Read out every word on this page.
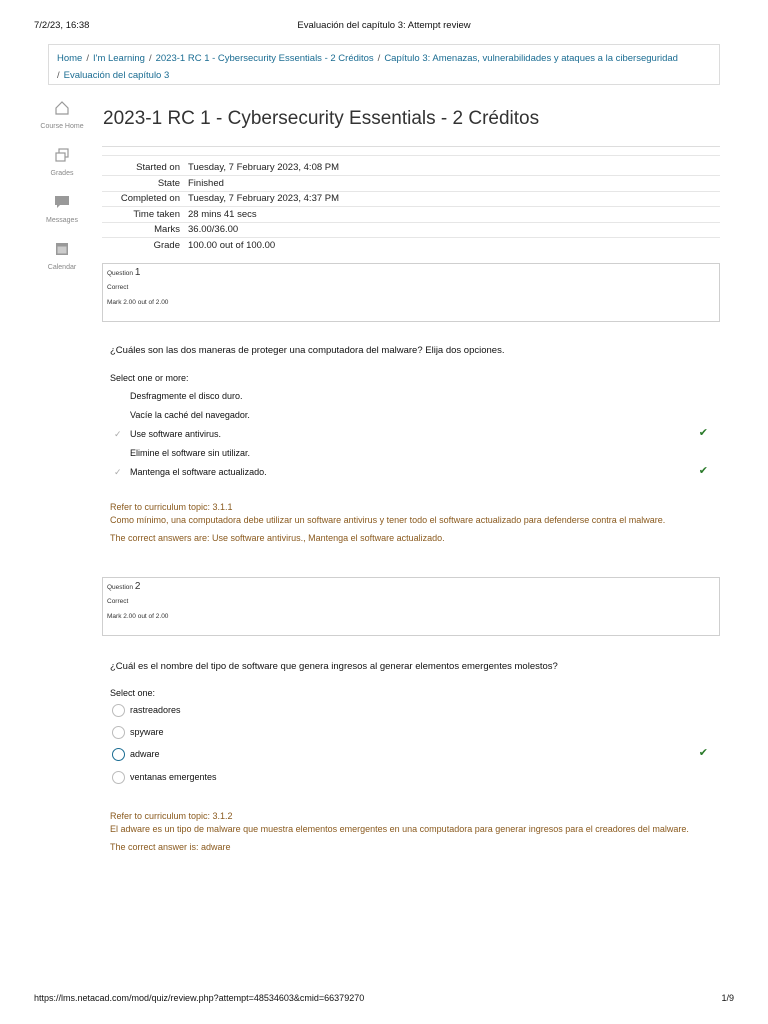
7/2/23, 16:38	Evaluación del capítulo 3: Attempt review
Home / I'm Learning / 2023-1 RC 1 - Cybersecurity Essentials - 2 Créditos / Capítulo 3: Amenazas, vulnerabilidades y ataques a la ciberseguridad
/ Evaluación del capítulo 3
Course Home
Grades
Messages
Calendar
2023-1 RC 1 - Cybersecurity Essentials - 2 Créditos
Started on	Tuesday, 7 February 2023, 4:08 PM
State	Finished
Completed on	Tuesday, 7 February 2023, 4:37 PM
Time taken	28 mins 41 secs
Marks	36.00/36.00
Grade	100.00 out of 100.00
Question 1
Correct
Mark 2.00 out of 2.00
¿Cuáles son las dos maneras de proteger una computadora del malware? Elija dos opciones.
Select one or more:
Desfragmente el disco duro.
Vacíe la caché del navegador.
✓ Use software antivirus.	✔
Elimine el software sin utilizar.
✓ Mantenga el software actualizado.	✔
Refer to curriculum topic: 3.1.1
Como mínimo, una computadora debe utilizar un software antivirus y tener todo el software actualizado para defenderse contra el malware.
The correct answers are: Use software antivirus., Mantenga el software actualizado.
Question 2
Correct
Mark 2.00 out of 2.00
¿Cuál es el nombre del tipo de software que genera ingresos al generar elementos emergentes molestos?
Select one:
rastreadores
spyware
adware	✔
ventanas emergentes
Refer to curriculum topic: 3.1.2
El adware es un tipo de malware que muestra elementos emergentes en una computadora para generar ingresos para el creadores del malware.
The correct answer is: adware
https://lms.netacad.com/mod/quiz/review.php?attempt=48534603&cmid=66379270	1/9
